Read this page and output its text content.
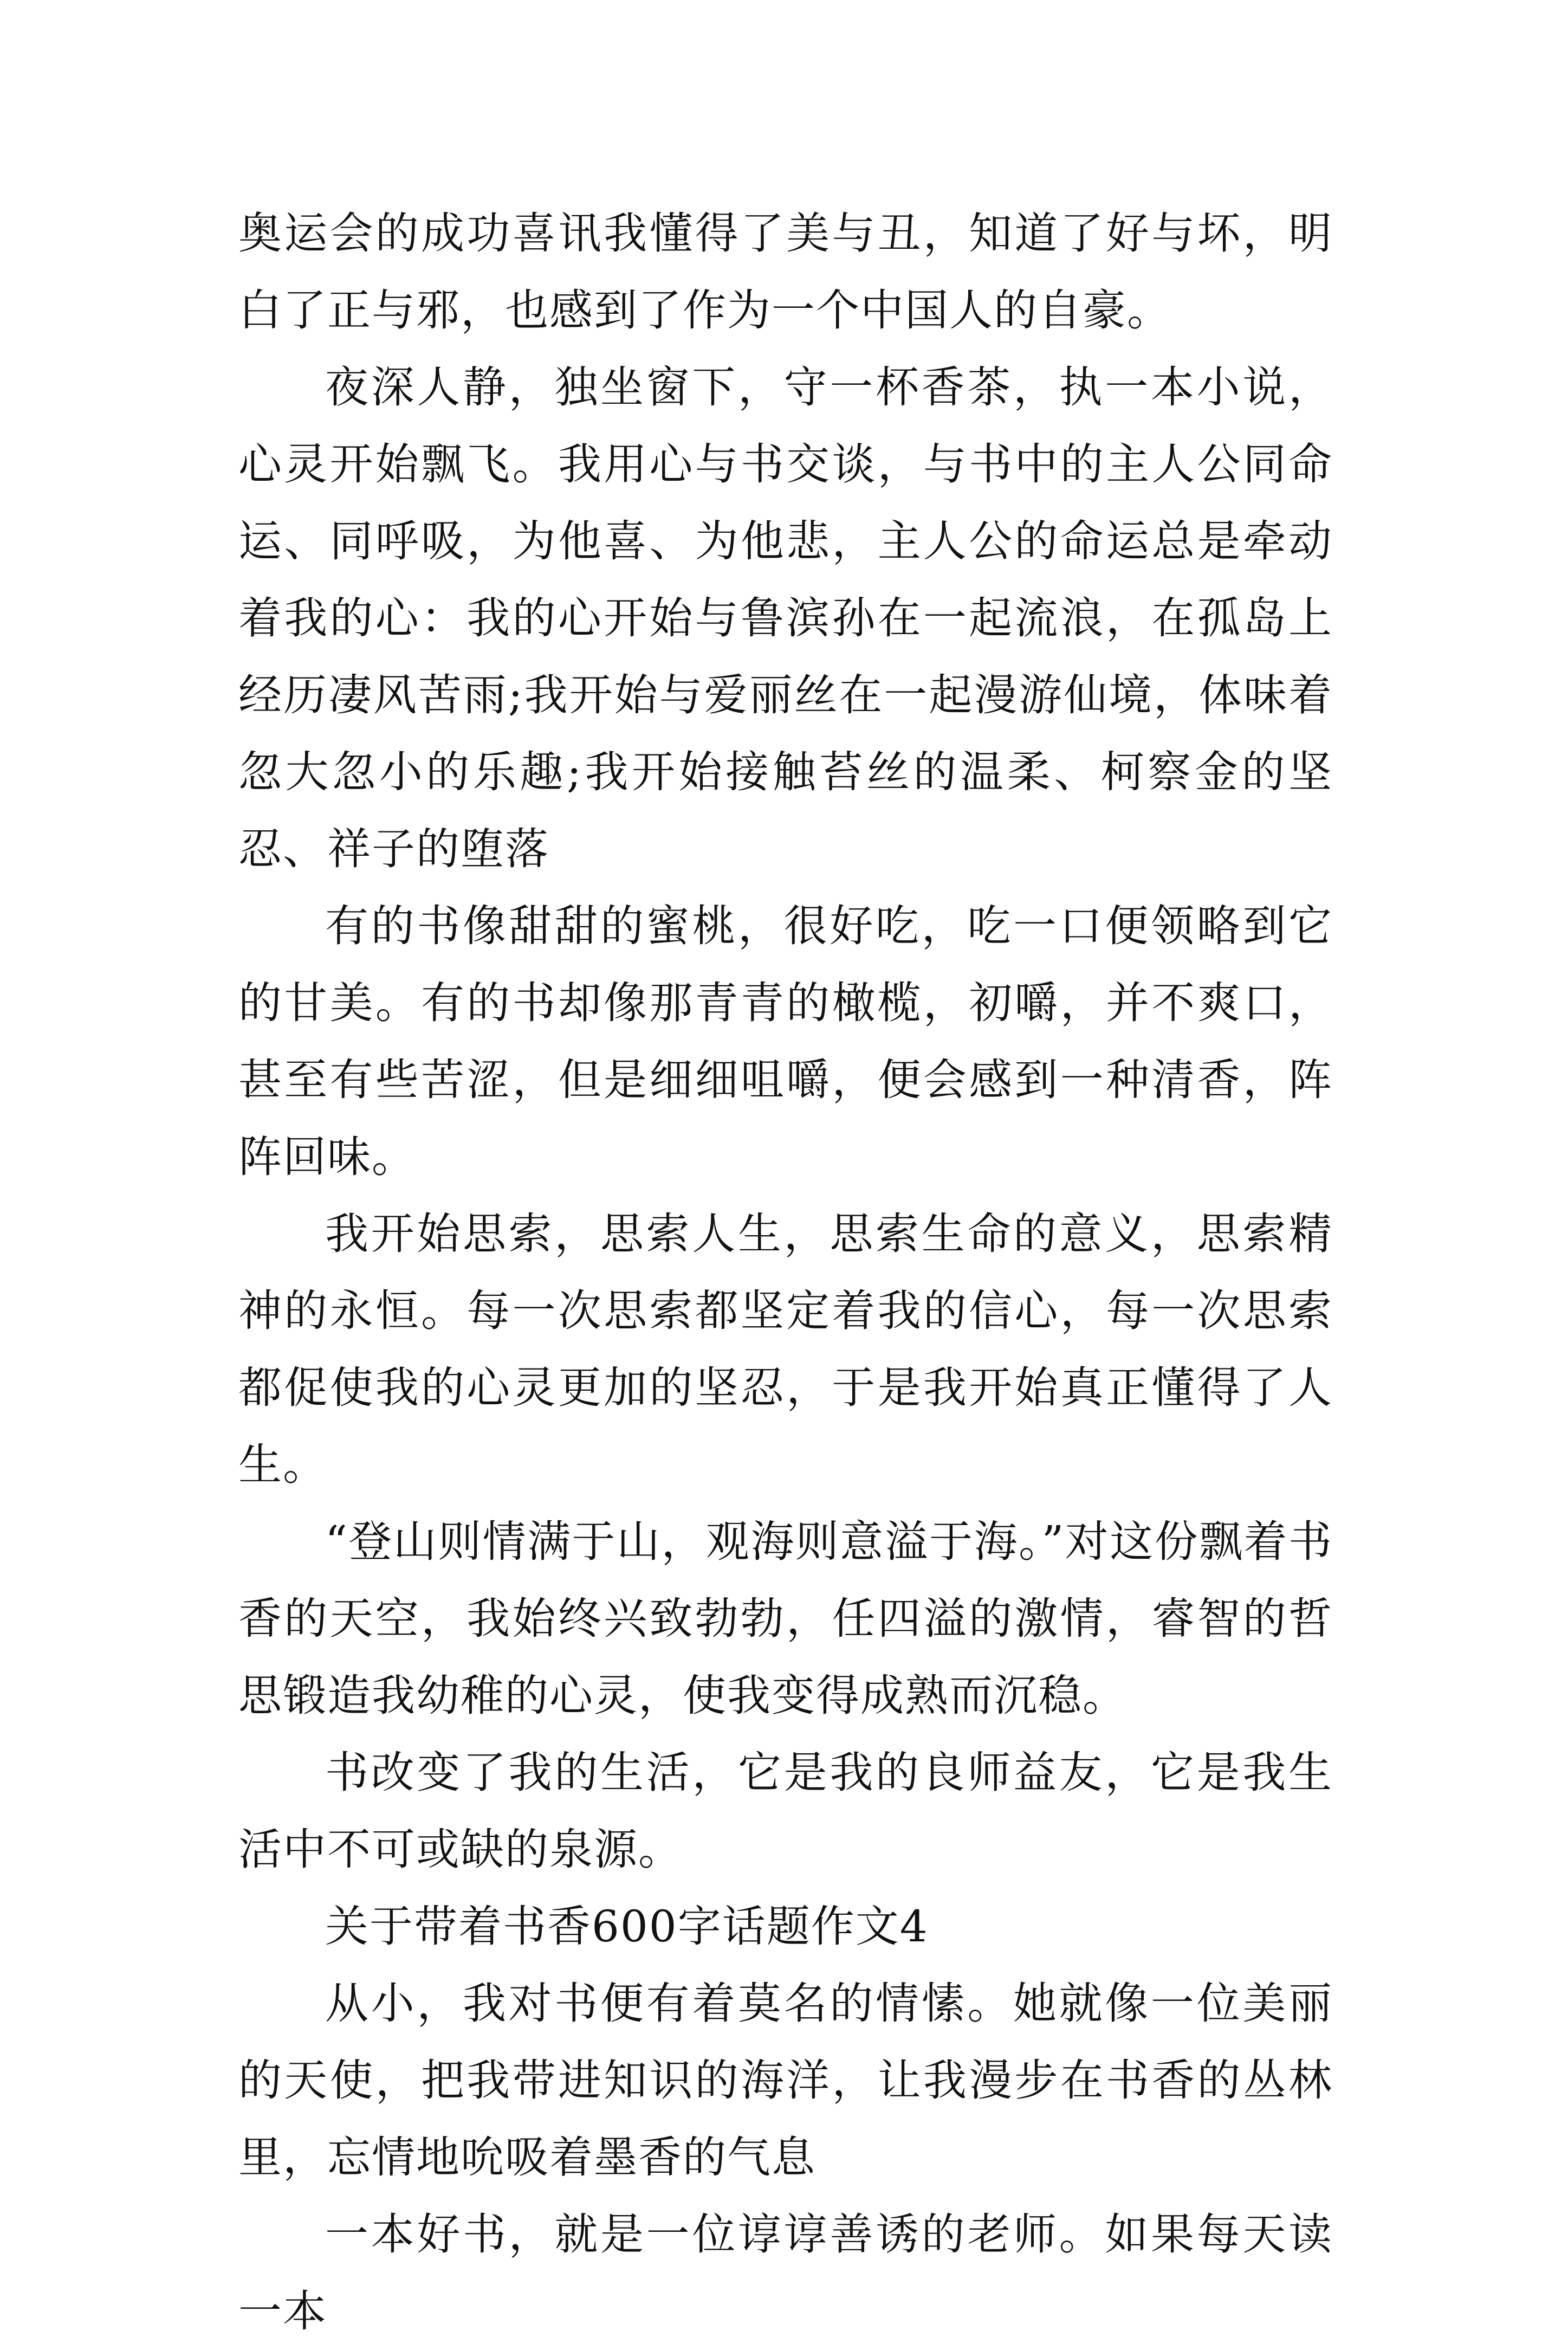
奥运会的成功喜讯我懂得了美与丑，知道了好与坏，明白了正与邪，也感到了作为一个中国人的自豪。

夜深人静，独坐窗下，守一杯香茶，执一本小说，心灵开始飘飞。我用心与书交谈，与书中的主人公同命运、同呼吸，为他喜、为他悲，主人公的命运总是牵动着我的心：我的心开始与鲁滨孙在一起流浪，在孤岛上经历凄风苦雨;我开始与爱丽丝在一起漫游仙境，体味着忽大忽小的乐趣;我开始接触苔丝的温柔、柯察金的坚忍、祥子的堕落

有的书像甜甜的蜜桃，很好吃，吃一口便领略到它的甘美。有的书却像那青青的橄榄，初嚼，并不爽口，甚至有些苦涩，但是细细咀嚼，便会感到一种清香，阵阵回味。

我开始思索，思索人生，思索生命的意义，思索精神的永恒。每一次思索都坚定着我的信心，每一次思索都促使我的心灵更加的坚忍，于是我开始真正懂得了人生。

“登山则情满于山，观海则意溢于海。”对这份飘着书香的天空，我始终兴致勃勃，任四溢的激情，睿智的哲思锻造我幼稚的心灵，使我变得成熟而沉稳。

书改变了我的生活，它是我的良师益友，它是我生活中不可或缺的泉源。

关于带着书香600字话题作文4

从小，我对书便有着莫名的情愫。她就像一位美丽的天使，把我带进知识的海洋，让我漫步在书香的丛林里，忘情地吮吸着墨香的气息

一本好书，就是一位谆谆善诱的老师。如果每天读一本
